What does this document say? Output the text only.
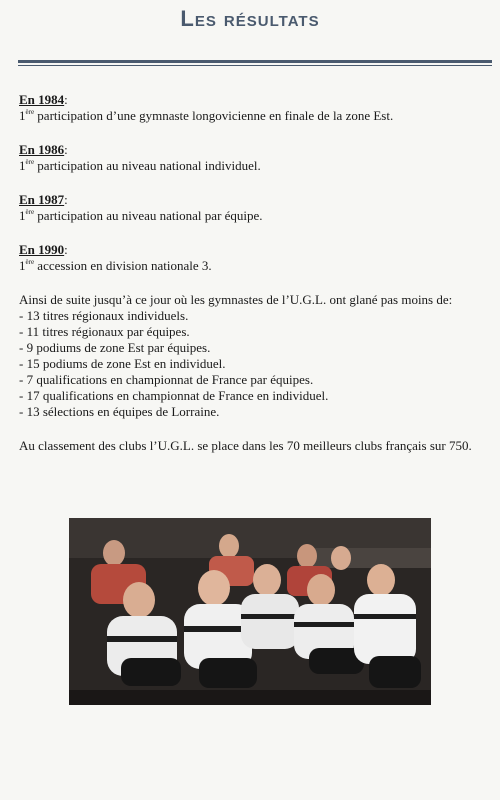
Les résultats
En 1984:
1ère participation d’une gymnaste longovicienne en finale de la zone Est.
En 1986:
1ère participation au niveau national individuel.
En 1987:
1ère participation au niveau national par équipe.
En 1990:
1ère accession en division nationale 3.

Ainsi de suite jusqu’à ce jour où les gymnastes de l’U.G.L. ont glané pas moins de:

- 13 titres régionaux individuels.
- 11 titres régionaux par équipes.
- 9 podiums de zone Est par équipes.
- 15 podiums de zone Est en individuel.
- 7 qualifications en championnat de France par équipes.
- 17 qualifications en championnat de France en individuel.
- 13 sélections en équipes de Lorraine.

Au classement des clubs l’U.G.L. se place dans les 70 meilleurs clubs français sur 750.
